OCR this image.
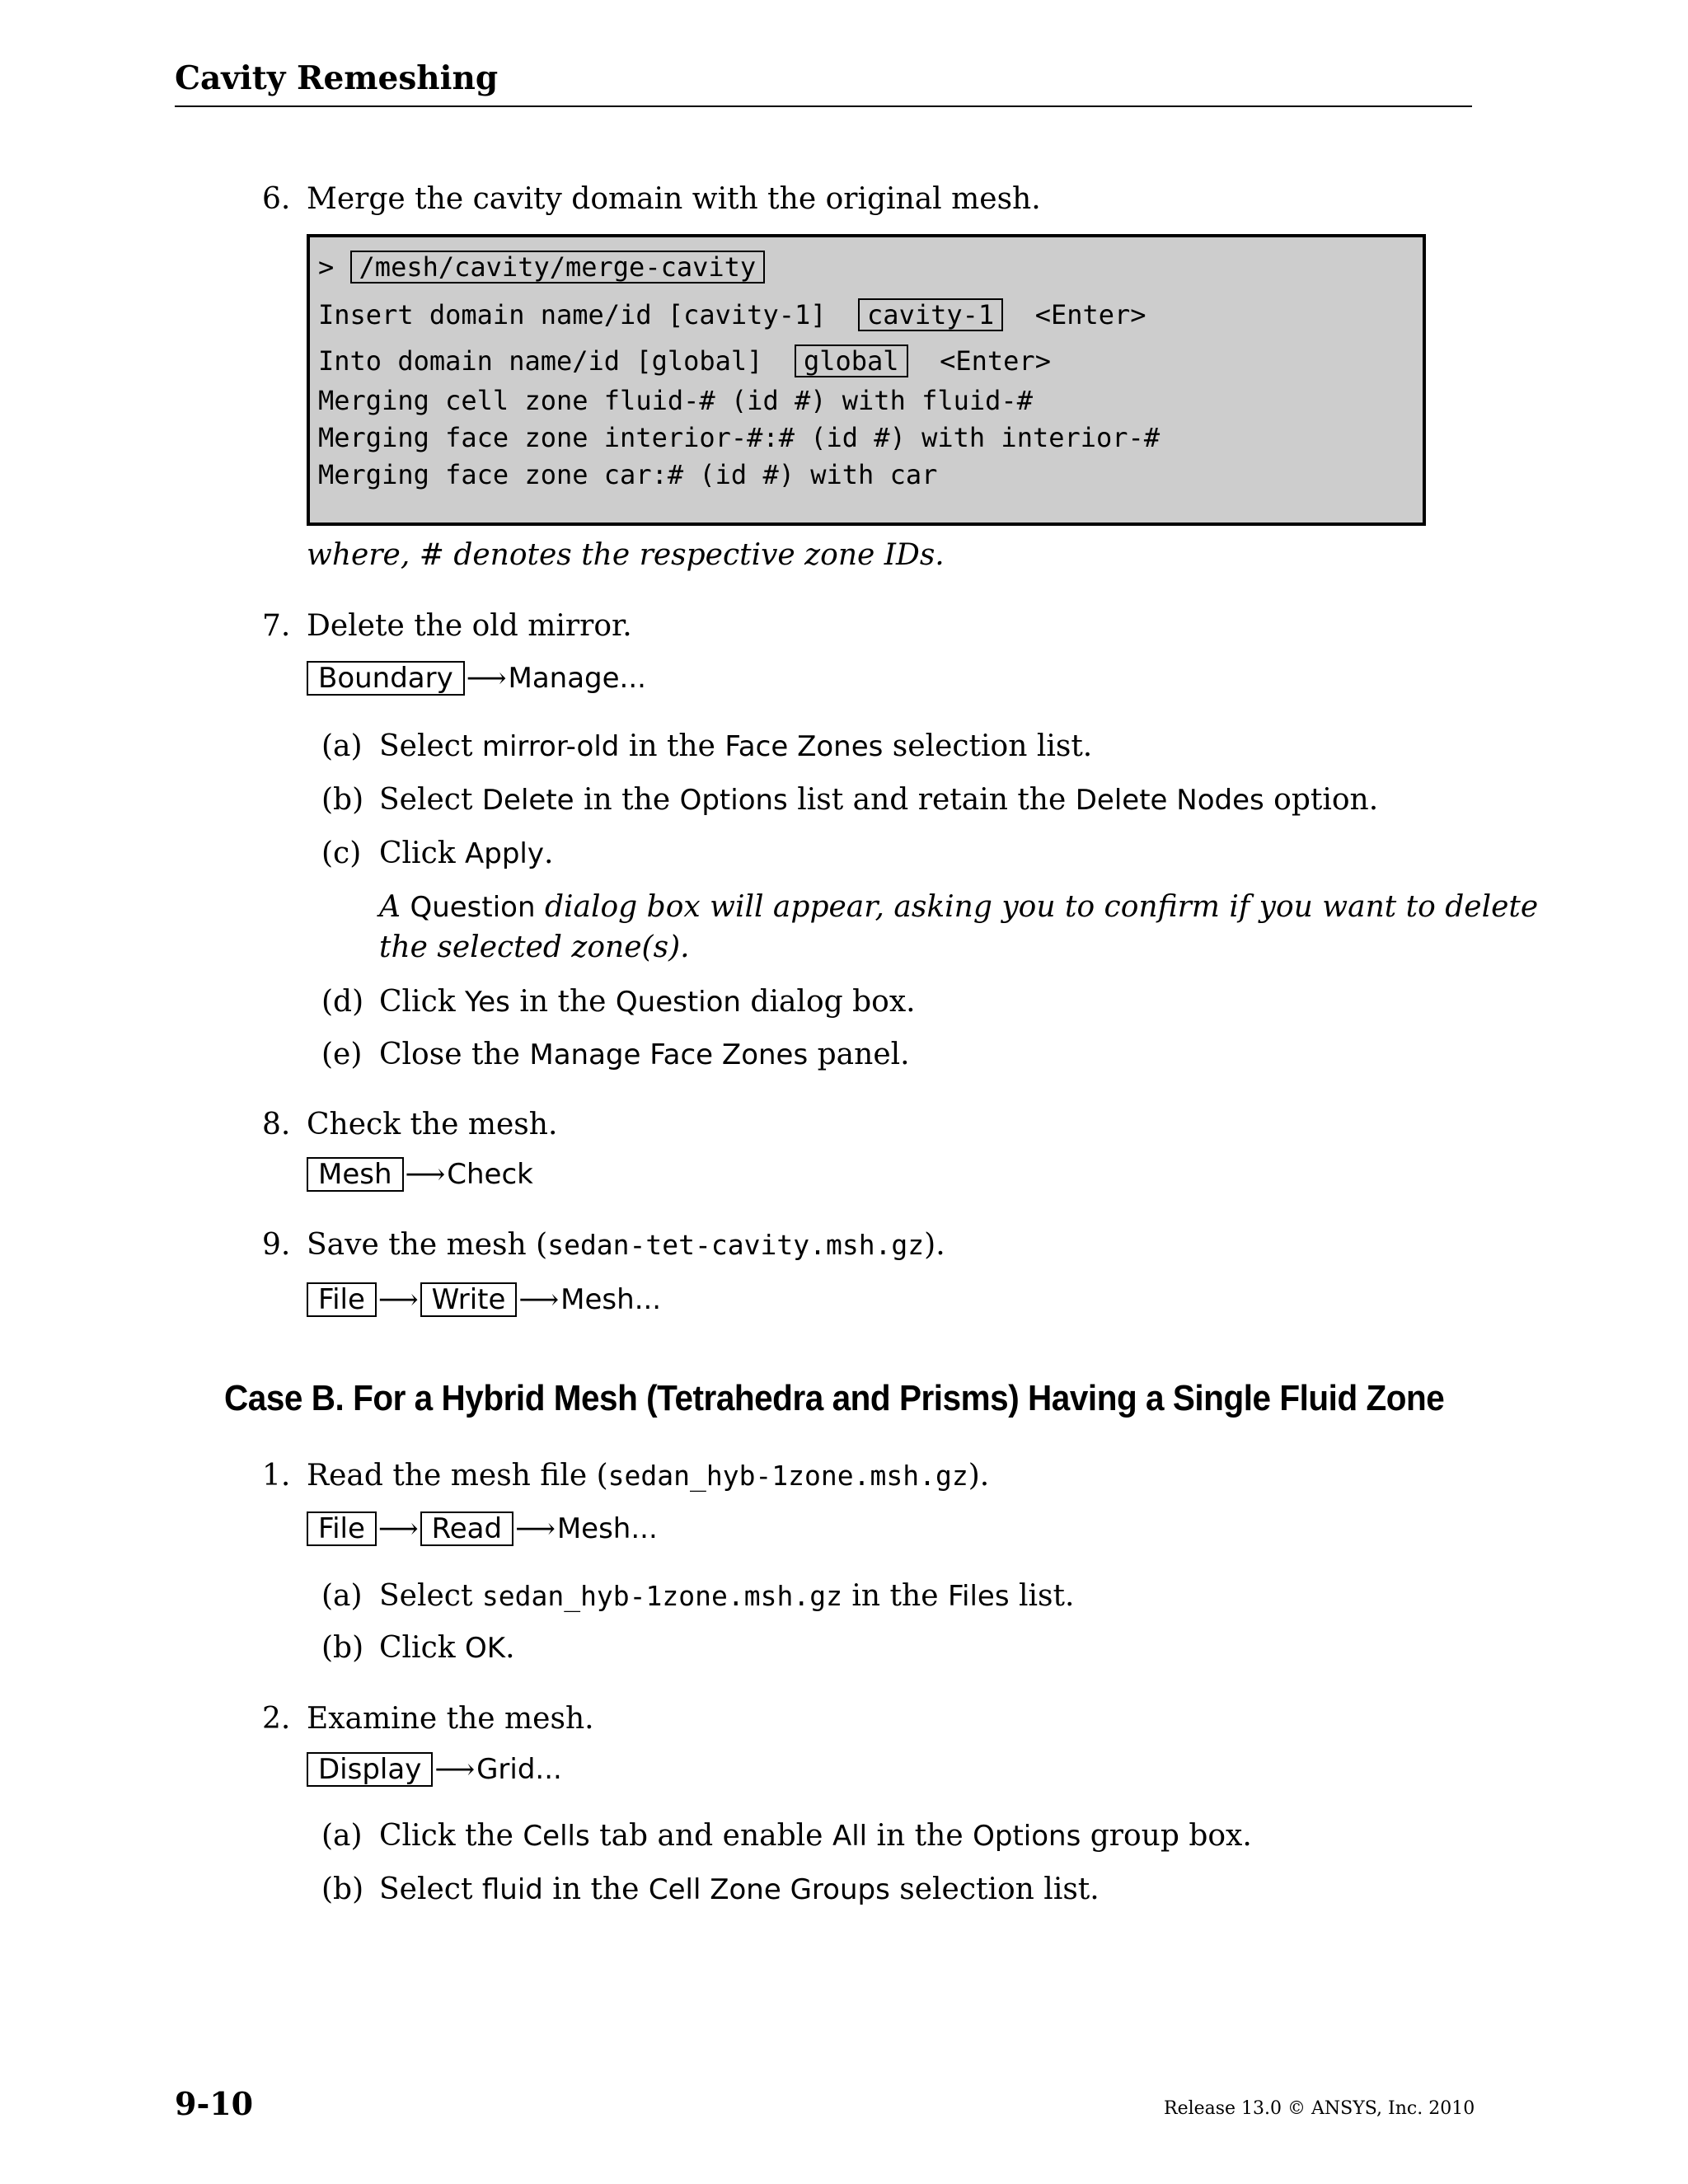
Cavity Remeshing
6. Merge the cavity domain with the original mesh.
> /mesh/cavity/merge-cavity
Insert domain name/id [cavity-1] cavity-1 <Enter>
Into domain name/id [global] global <Enter>
Merging cell zone fluid-# (id #) with fluid-#
Merging face zone interior-#:# (id #) with interior-#
Merging face zone car:# (id #) with car
where, # denotes the respective zone IDs.
7. Delete the old mirror.
Boundary ⟶Manage...
(a) Select mirror-old in the Face Zones selection list.
(b) Select Delete in the Options list and retain the Delete Nodes option.
(c) Click Apply.
A Question dialog box will appear, asking you to confirm if you want to delete
the selected zone(s).
(d) Click Yes in the Question dialog box.
(e) Close the Manage Face Zones panel.
8. Check the mesh.
Mesh ⟶Check
9. Save the mesh (sedan-tet-cavity.msh.gz).
File ⟶ Write ⟶Mesh...
Case B. For a Hybrid Mesh (Tetrahedra and Prisms) Having a Single Fluid Zone
1. Read the mesh file (sedan_hyb-1zone.msh.gz).
File ⟶ Read ⟶Mesh...
(a) Select sedan_hyb-1zone.msh.gz in the Files list.
(b) Click OK.
2. Examine the mesh.
Display ⟶Grid...
(a) Click the Cells tab and enable All in the Options group box.
(b) Select fluid in the Cell Zone Groups selection list.
9-10	Release 13.0 © ANSYS, Inc. 2010
